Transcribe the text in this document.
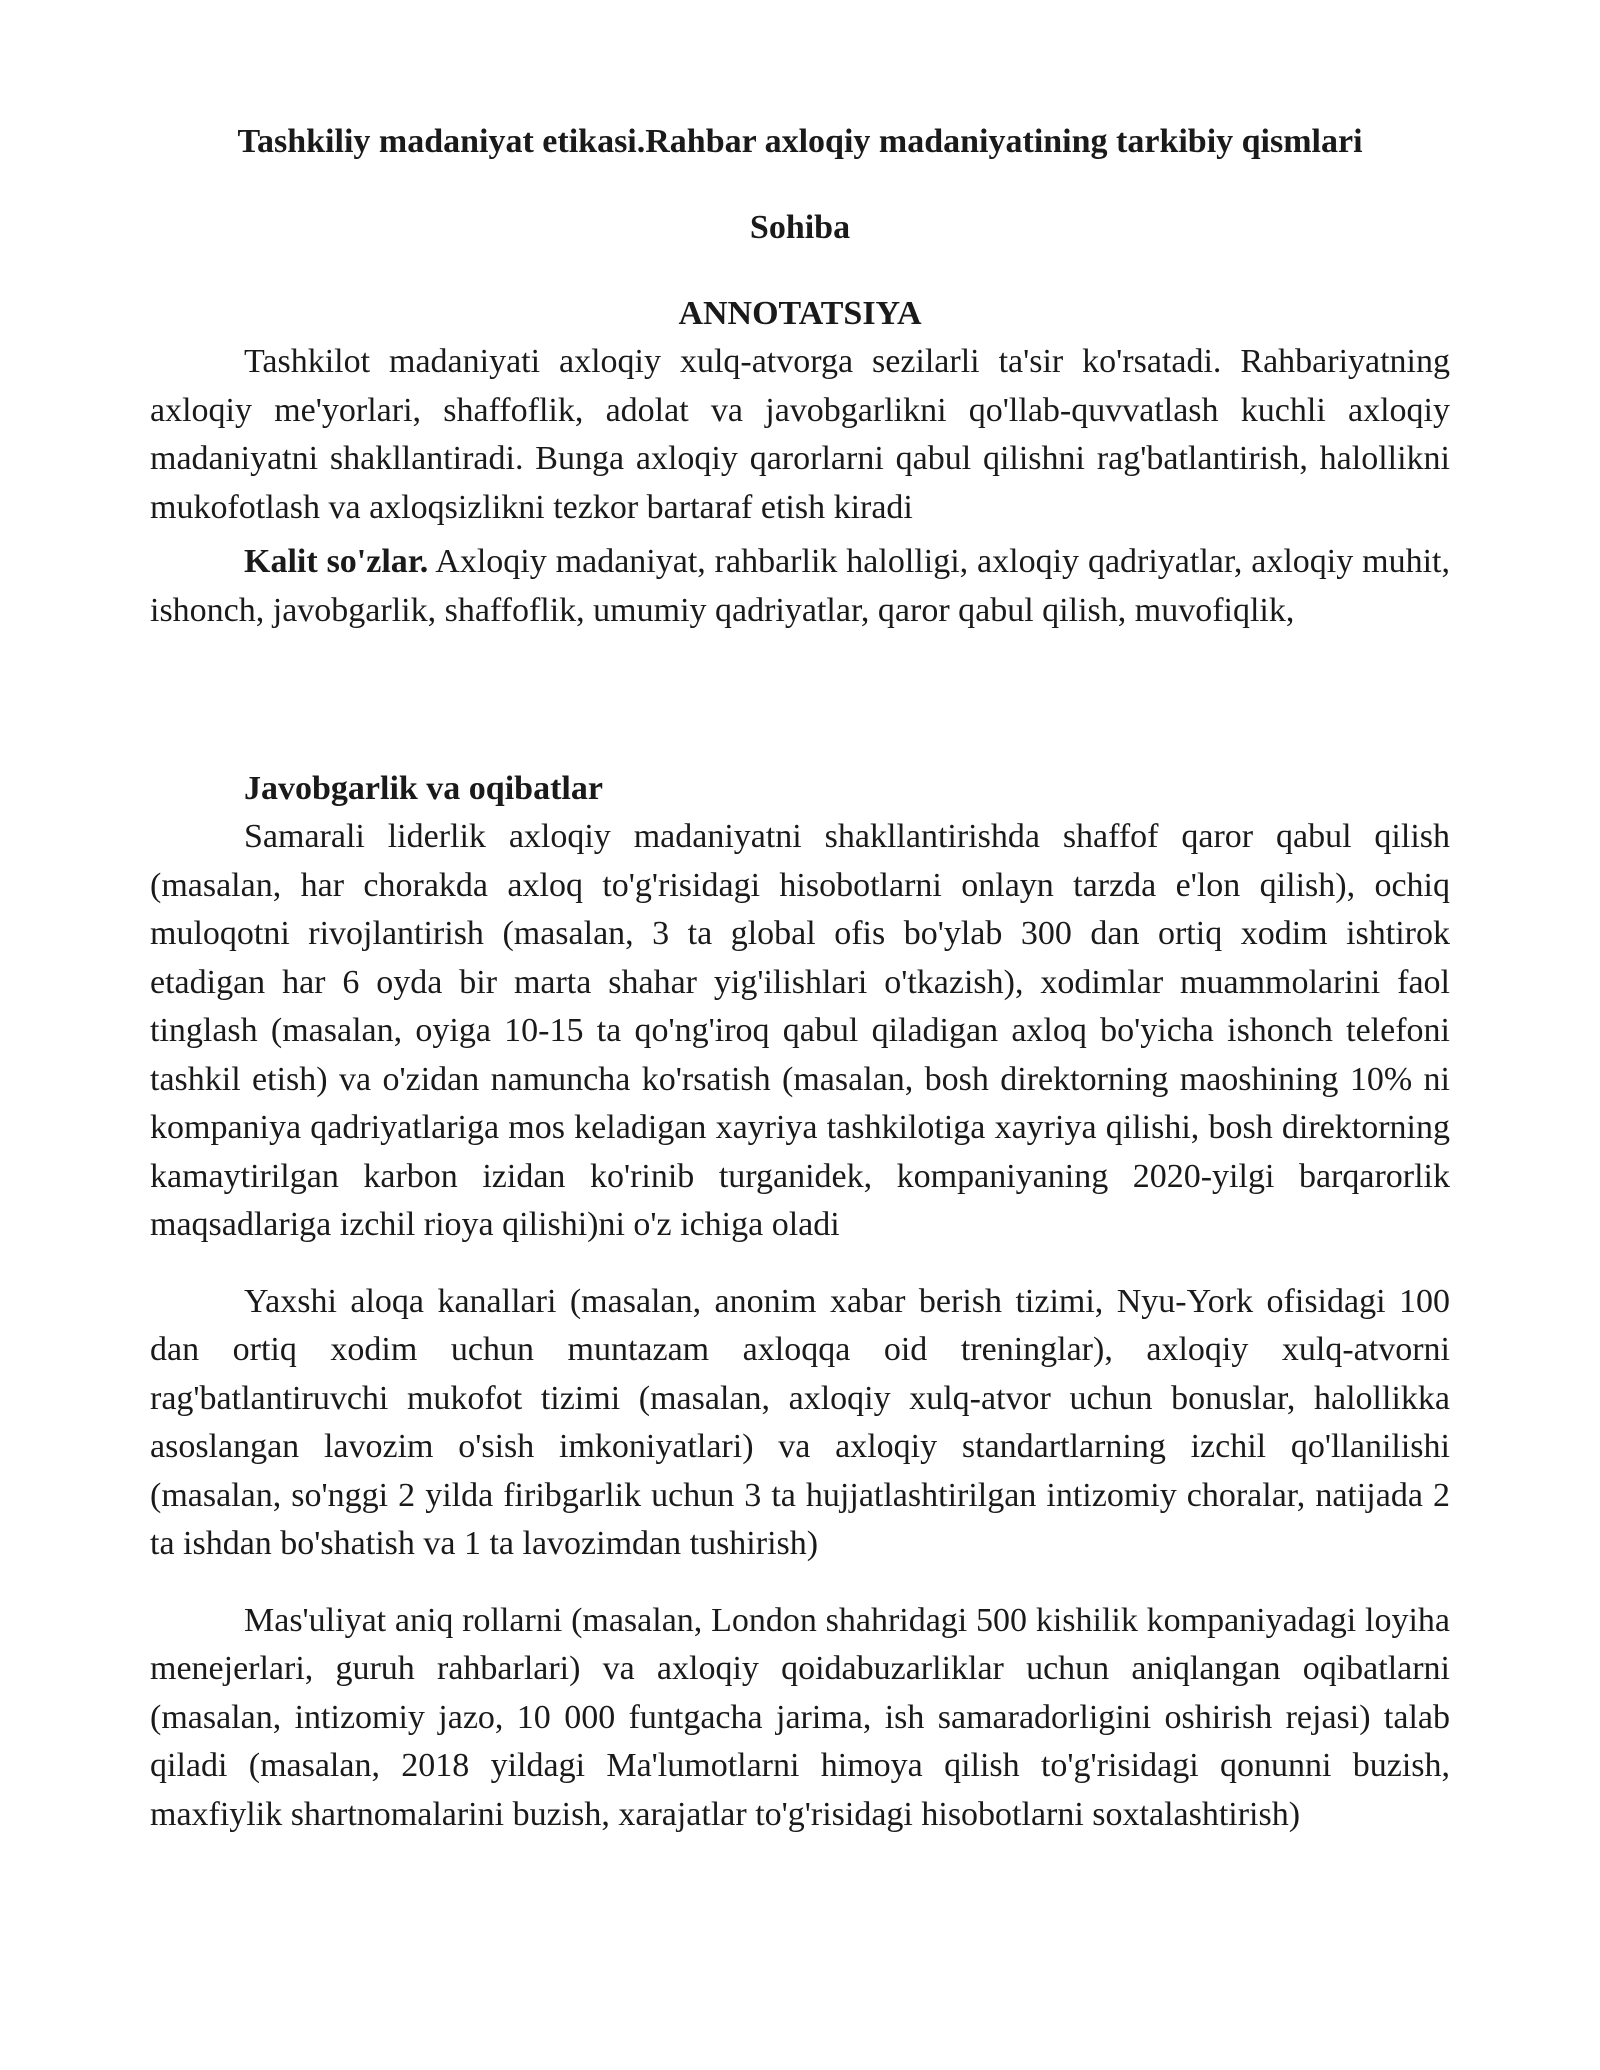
Tashkiliy madaniyat etikasi.Rahbar axloqiy madaniyatining tarkibiy qismlari
Sohiba
ANNOTATSIYA

Tashkilot madaniyati axloqiy xulq-atvorga sezilarli ta'sir ko'rsatadi. Rahbariyatning axloqiy me'yorlari, shaffoflik, adolat va javobgarlikni qo'llab-quvvatlash kuchli axloqiy madaniyatni shakllantiradi. Bunga axloqiy qarorlarni qabul qilishni rag'batlantirish, halollikni mukofotlash va axloqsizlikni tezkor bartaraf etish kiradi

Kalit so'zlar. Axloqiy madaniyat, rahbarlik halolligi, axloqiy qadriyatlar, axloqiy muhit, ishonch, javobgarlik, shaffoflik, umumiy qadriyatlar, qaror qabul qilish, muvofiqlik,

Javobgarlik va oqibatlar

Samarali liderlik axloqiy madaniyatni shakllantirishda shaffof qaror qabul qilish (masalan, har chorakda axloq to'g'risidagi hisobotlarni onlayn tarzda e'lon qilish), ochiq muloqotni rivojlantirish (masalan, 3 ta global ofis bo'ylab 300 dan ortiq xodim ishtirok etadigan har 6 oyda bir marta shahar yig'ilishlari o'tkazish), xodimlar muammolarini faol tinglash (masalan, oyiga 10-15 ta qo'ng'iroq qabul qiladigan axloq bo'yicha ishonch telefoni tashkil etish) va o'zidan namuncha ko'rsatish (masalan, bosh direktorning maoshining 10% ni kompaniya qadriyatlariga mos keladigan xayriya tashkilotiga xayriya qilishi, bosh direktorning kamaytirilgan karbon izidan ko'rinib turganidek, kompaniyaning 2020-yilgi barqarorlik maqsadlariga izchil rioya qilishi)ni o'z ichiga oladi

Yaxshi aloqa kanallari (masalan, anonim xabar berish tizimi, Nyu-York ofisidagi 100 dan ortiq xodim uchun muntazam axloqqa oid treninglar), axloqiy xulq-atvorni rag'batlantiruvchi mukofot tizimi (masalan, axloqiy xulq-atvor uchun bonuslar, halollikka asoslangan lavozim o'sish imkoniyatlari) va axloqiy standartlarning izchil qo'llanilishi (masalan, so'nggi 2 yilda firibgarlik uchun 3 ta hujjatlashtirilgan intizomiy choralar, natijada 2 ta ishdan bo'shatish va 1 ta lavozimdan tushirish)

Mas'uliyat aniq rollarni (masalan, London shahridagi 500 kishilik kompaniyadagi loyiha menejerlari, guruh rahbarlari) va axloqiy qoidabuzarliklar uchun aniqlangan oqibatlarni (masalan, intizomiy jazo, 10 000 funtgacha jarima, ish samaradorligini oshirish rejasi) talab qiladi (masalan, 2018 yildagi Ma'lumotlarni himoya qilish to'g'risidagi qonunni buzish, maxfiylik shartnomalarini buzish, xarajatlar to'g'risidagi hisobotlarni soxtalashtirish)
